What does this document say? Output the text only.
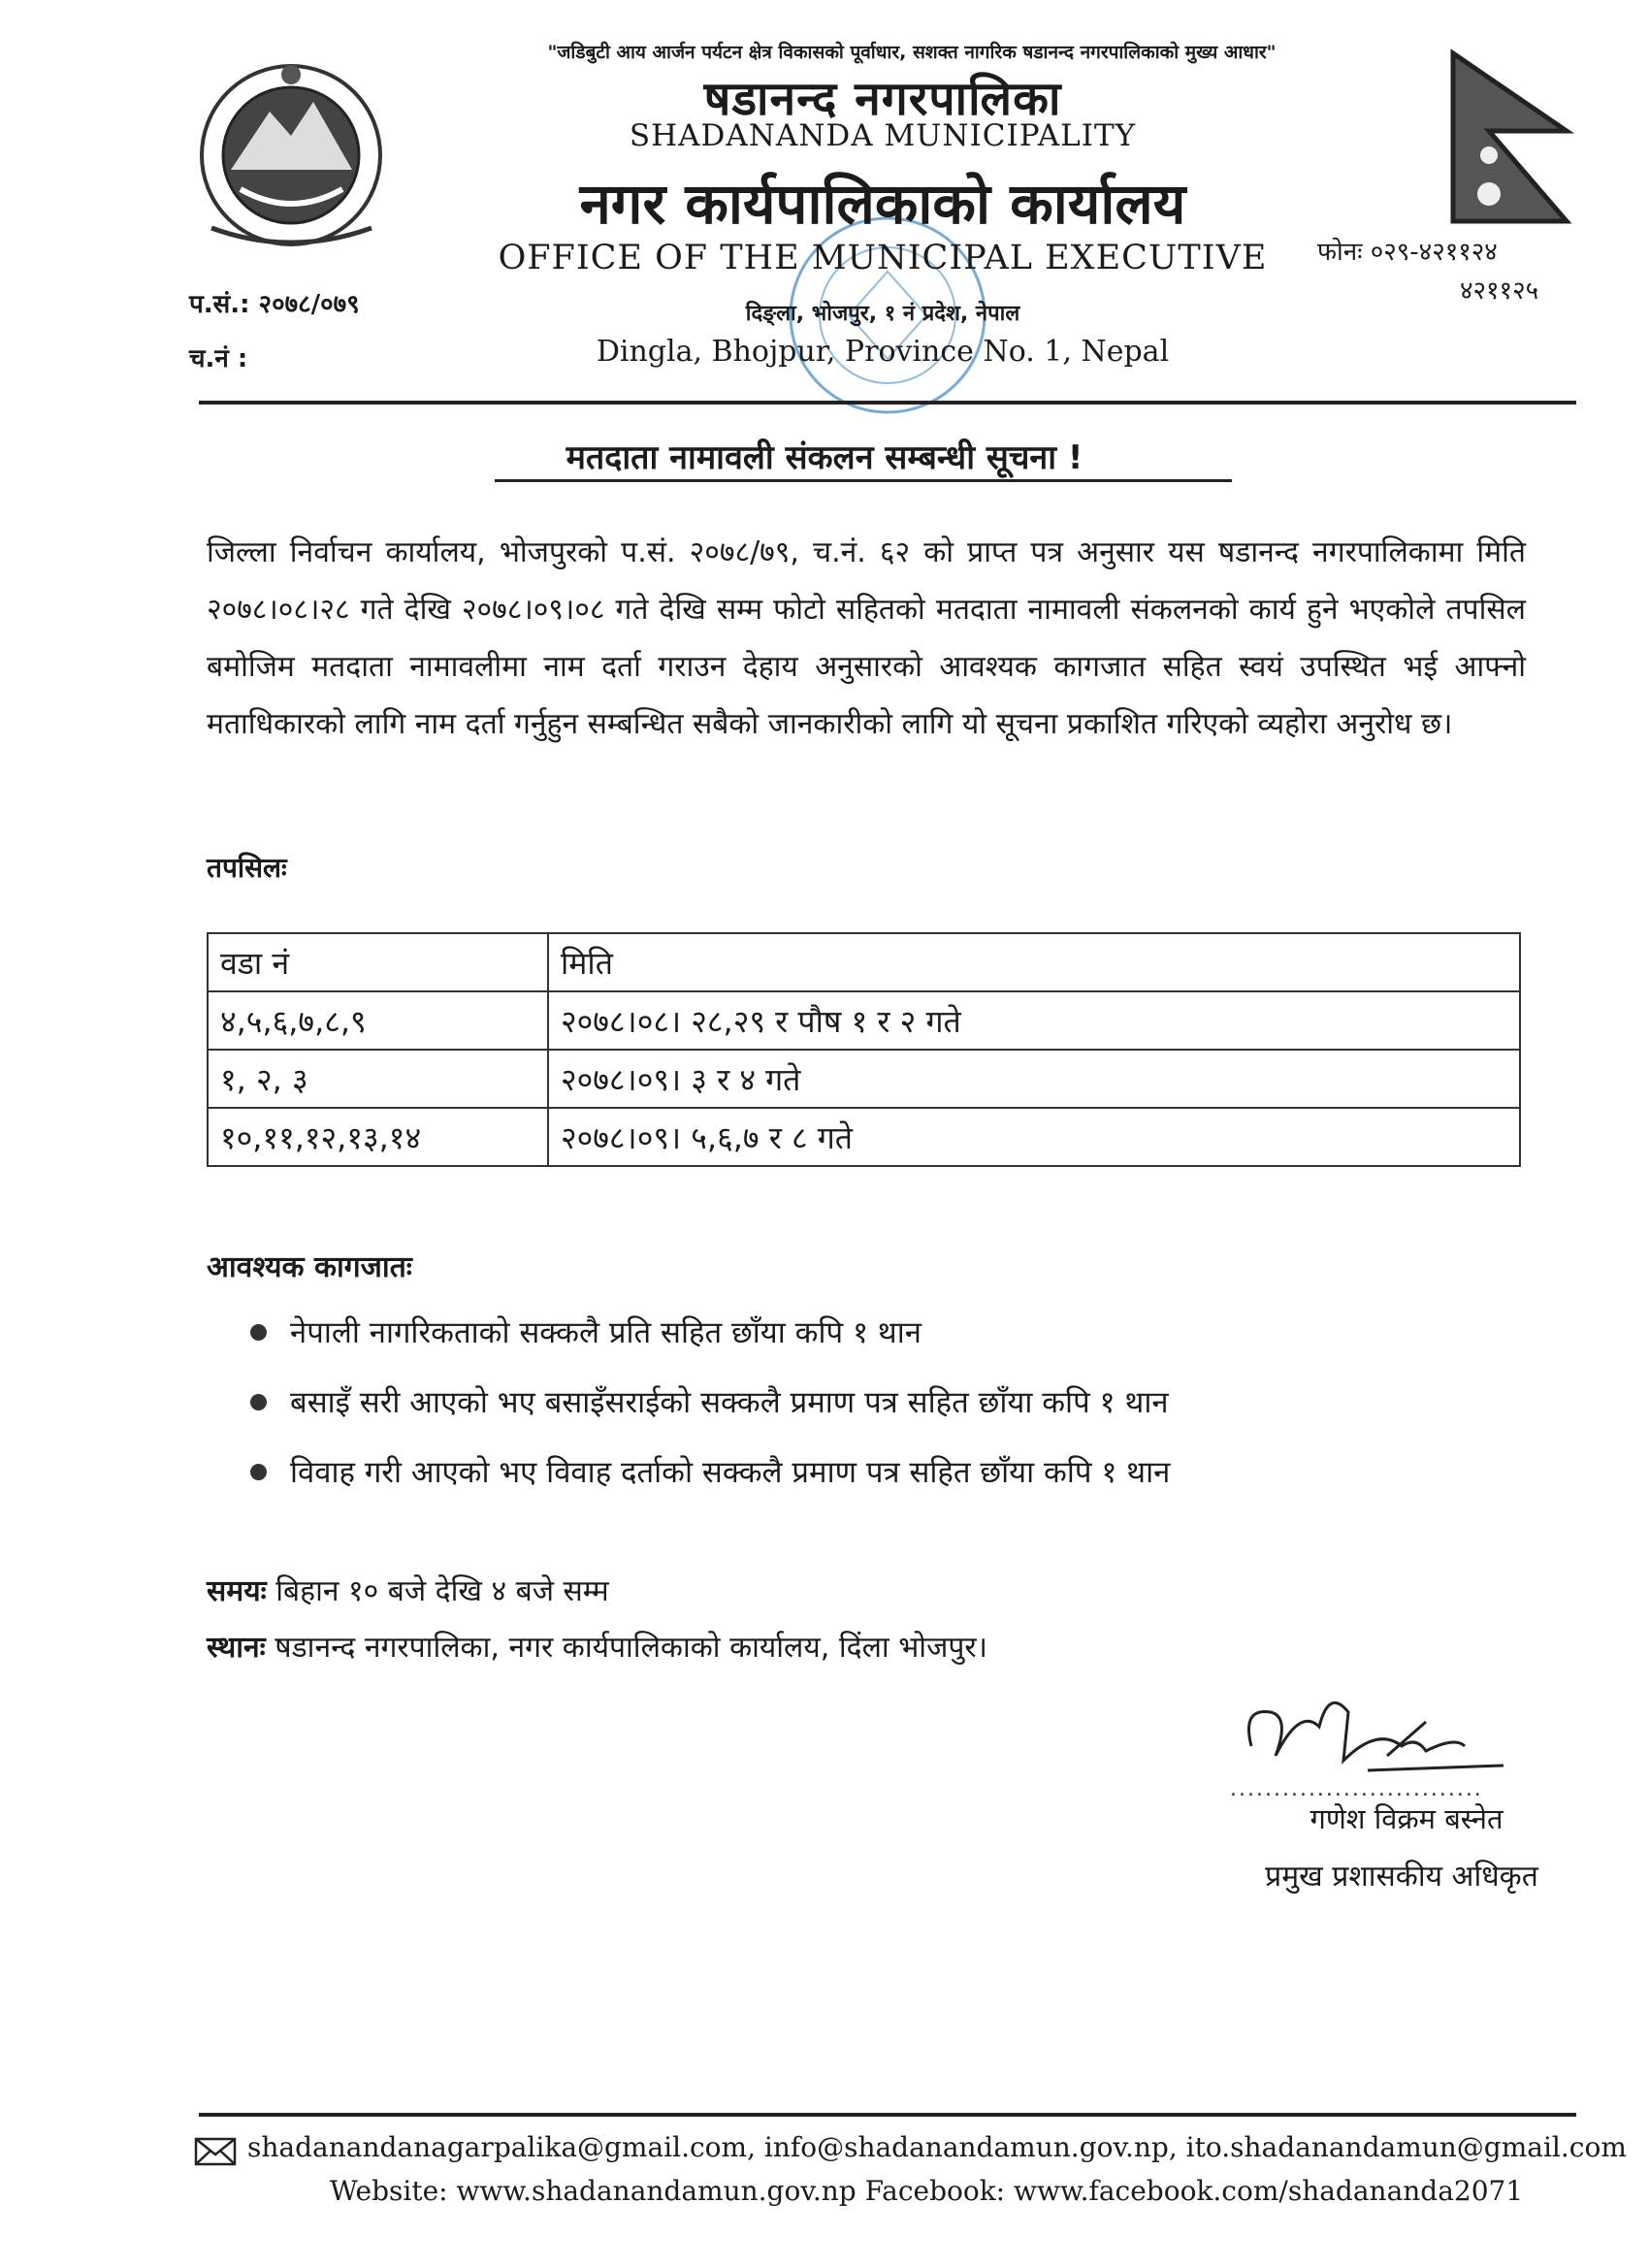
"जडिबुटी आय आर्जन पर्यटन क्षेत्र विकासको पूर्वाधार, सशक्त नागरिक षडानन्द नगरपालिकाको मुख्य आधार"
षडानन्द नगरपालिका
SHADANANDA MUNICIPALITY
नगर कार्यपालिकाको कार्यालय
OFFICE OF THE MUNICIPAL EXECUTIVE
दिङ्ला, भोजपुर, १ नं प्रदेश, नेपाल
Dingla, Bhojpur, Province No. 1, Nepal
प.सं.: २०७८/०७९
च.नं :
फोनः ०२९-४२११२४
४२११२५
मतदाता नामावली संकलन सम्बन्धी सूचना !
जिल्ला निर्वाचन कार्यालय, भोजपुरको प.सं. २०७८/७९, च.नं. ६२ को प्राप्त पत्र अनुसार यस षडानन्द नगरपालिकामा मिति २०७८।०८।२८ गते देखि २०७८।०९।०८ गते देखि सम्म फोटो सहितको मतदाता नामावली संकलनको कार्य हुने भएकोले तपसिल बमोजिम मतदाता नामावलीमा नाम दर्ता गराउन देहाय अनुसारको आवश्यक कागजात सहित स्वयं उपस्थित भई आफ्नो मताधिकारको लागि नाम दर्ता गर्नुहुन सम्बन्धित सबैको जानकारीको लागि यो सूचना प्रकाशित गरिएको व्यहोरा अनुरोध छ।
तपसिलः
वडा नं	मिति
४,५,६,७,८,९	२०७८।०८। २८,२९ र पौष १ र २ गते
१, २, ३	२०७८।०९। ३ र ४ गते
१०,११,१२,१३,१४	२०७८।०९। ५,६,७ र ८ गते
आवश्यक कागजातः
नेपाली नागरिकताको सक्कलै प्रति सहित छाँया कपि १ थान
बसाइँ सरी आएको भए बसाइँसराईको सक्कलै प्रमाण पत्र सहित छाँया कपि १ थान
विवाह गरी आएको भए विवाह दर्ताको सक्कलै प्रमाण पत्र सहित छाँया कपि १ थान
समयः बिहान १० बजे देखि ४ बजे सम्म
स्थानः षडानन्द नगरपालिका, नगर कार्यपालिकाको कार्यालय, दिंला भोजपुर।
.............................
गणेश विक्रम बस्नेत
प्रमुख प्रशासकीय अधिकृत
shadanandanagarpalika@gmail.com, info@shadanandamun.gov.np, ito.shadanandamun@gmail.com
Website: www.shadanandamun.gov.np Facebook: www.facebook.com/shadananda2071
